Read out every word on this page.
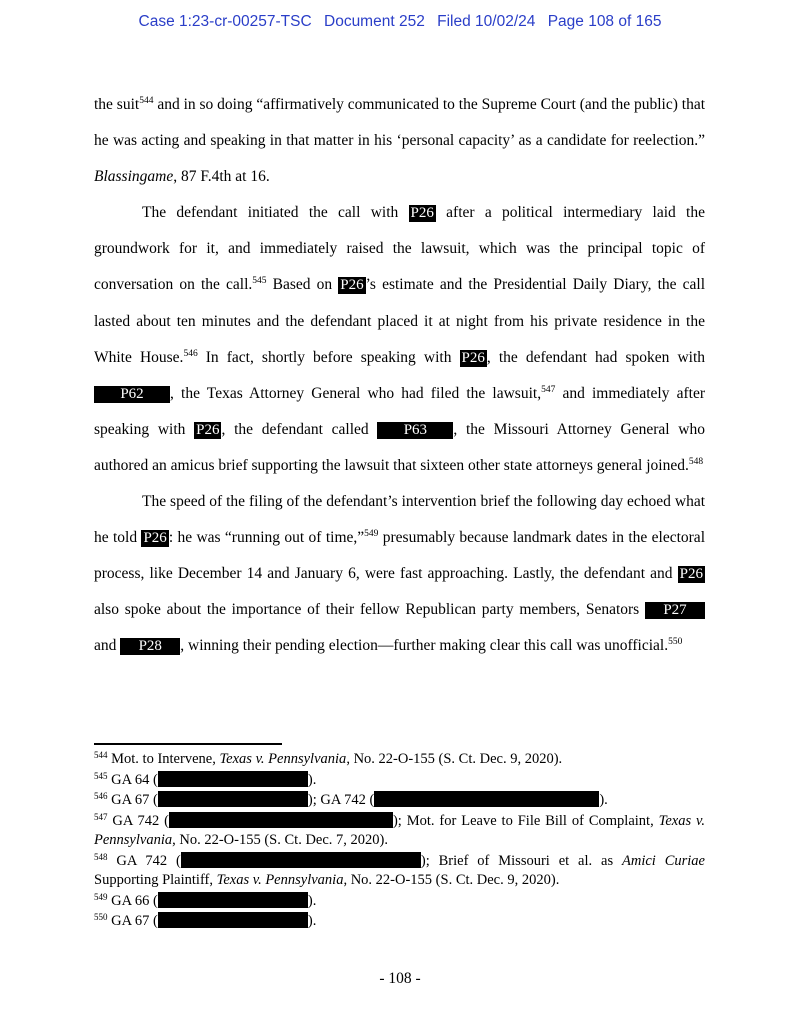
Case 1:23-cr-00257-TSC Document 252 Filed 10/02/24 Page 108 of 165

the suit$^{544}$ and in so doing “affirmatively communicated to the Supreme Court (and the public) that he was acting and speaking in that matter in his ‘personal capacity’ as a candidate for reelection.” Blassingame, 87 F.4th at 16.

The defendant initiated the call with P26 after a political intermediary laid the groundwork for it, and immediately raised the lawsuit, which was the principal topic of conversation on the call.$^{545}$ Based on P26 ’s estimate and the Presidential Daily Diary, the call lasted about ten minutes and the defendant placed it at night from his private residence in the White House.$^{546}$ In fact, shortly before speaking with P26 , the defendant had spoken with P62 , the Texas Attorney General who had filed the lawsuit,$^{547}$ and immediately after speaking with P26 , the defendant called P63 , the Missouri Attorney General who authored an amicus brief supporting the lawsuit that sixteen other state attorneys general joined.$^{548}$

The speed of the filing of the defendant’s intervention brief the following day echoed what he told P26 : he was “running out of time,”$^{549}$ presumably because landmark dates in the electoral process, like December 14 and January 6, were fast approaching. Lastly, the defendant and P26 also spoke about the importance of their fellow Republican party members, Senators P27 and P28 , winning their pending election—further making clear this call was unofficial.$^{550}$

$^{544}$ Mot. to Intervene, Texas v. Pennsylvania, No. 22-O-155 (S. Ct. Dec. 9, 2020).

$^{545}$ GA 64 (	).

$^{546}$ GA 67 (	); GA 742 (	).

$^{547}$ GA 742 (	); Mot. for Leave to File Bill of Complaint, Texas v. Pennsylvania, No. 22-O-155 (S. Ct. Dec. 7, 2020).

$^{548}$ GA 742 (	); Brief of Missouri et al. as Amici Curiae Supporting Plaintiff, Texas v. Pennsylvania, No. 22-O-155 (S. Ct. Dec. 9, 2020).

$^{549}$ GA 66 (	).

$^{550}$ GA 67 (	).

- 108 -
